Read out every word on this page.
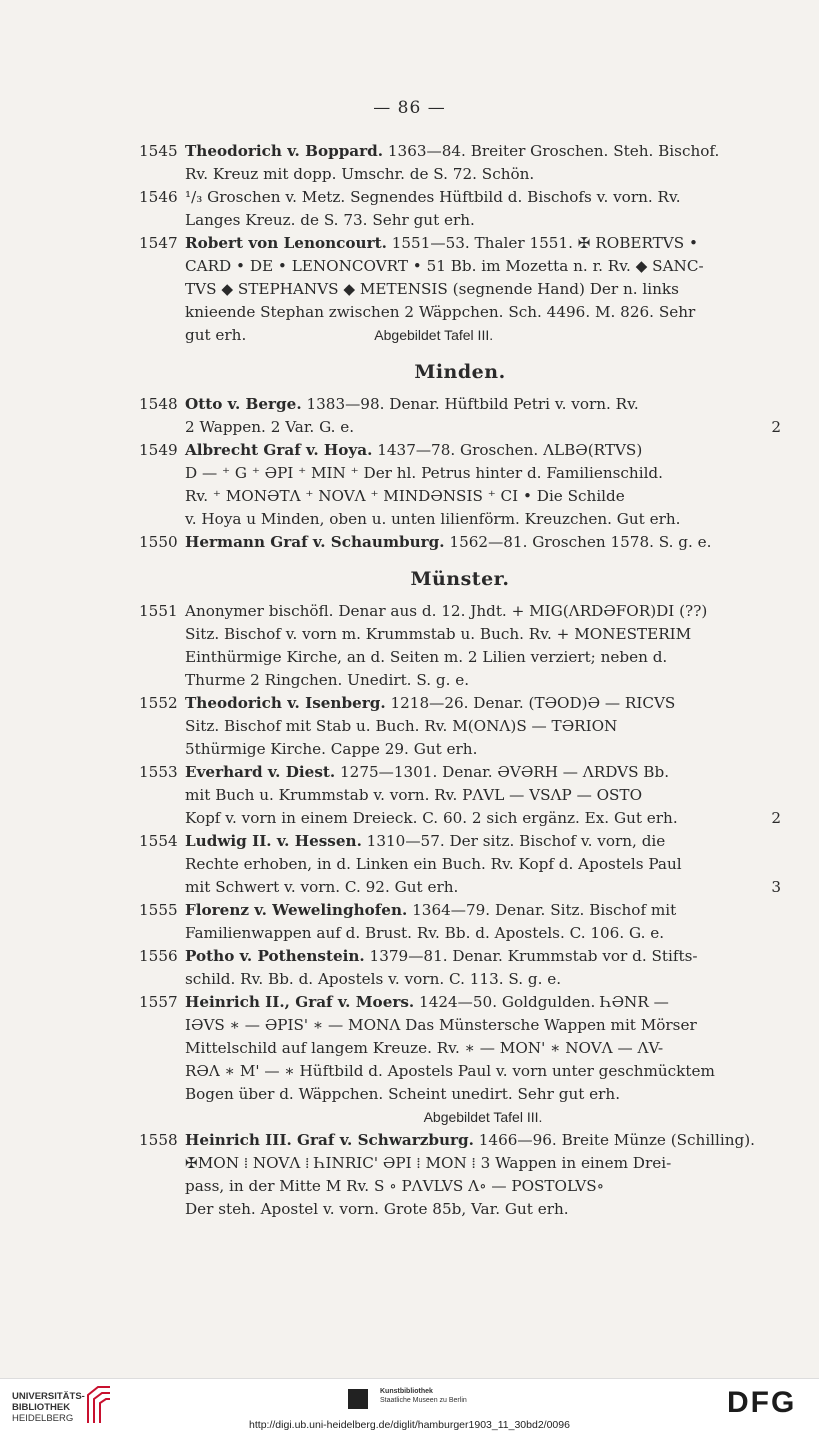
— 86 —
1545 Theodorich v. Boppard. 1363—84. Breiter Groschen. Steh. Bischof.
Rv. Kreuz mit dopp. Umschr. de S. 72. Schön.
1546 ¹/₃ Groschen v. Metz. Segnendes Hüftbild d. Bischofs v. vorn. Rv.
Langes Kreuz. de S. 73. Sehr gut erh.
1547 Robert von Lenoncourt. 1551—53. Thaler 1551. ✠ ROBERTVS •
CARD • DE • LENONCOVRT • 51 Bb. im Mozetta n. r. Rv. ◆ SANC-
TVS ◆ STEPHANVS ◆ METENSIS (segnende Hand) Der n. links
knieende Stephan zwischen 2 Wäppchen. Sch. 4496. M. 826. Sehr
gut erh.	Abgebildet Tafel III.
Minden.
1548 Otto v. Berge. 1383—98. Denar. Hüftbild Petri v. vorn. Rv.
2 Wappen. 2 Var. G. e.	2
1549 Albrecht Graf v. Hoya. 1437—78. Groschen. ΛLBƏ(RTVS)
D — ⁺ G ⁺ ƏPI ⁺ MIN ⁺ Der hl. Petrus hinter d. Familienschild.
Rv. ⁺ MONƏTΛ ⁺ NOVΛ ⁺ MINDƏNSIS ⁺ CI • Die Schilde
v. Hoya u Minden, oben u. unten lilienförm. Kreuzchen. Gut erh.
1550 Hermann Graf v. Schaumburg. 1562—81. Groschen 1578. S. g. e.
Münster.
1551 Anonymer bischöfl. Denar aus d. 12. Jhdt. + MIG(ΛRDƏFOR)DI (??)
Sitz. Bischof v. vorn m. Krummstab u. Buch. Rv. + MONESTERIM
Einthürmige Kirche, an d. Seiten m. 2 Lilien verziert; neben d.
Thurme 2 Ringchen. Unedirt. S. g. e.
1552 Theodorich v. Isenberg. 1218—26. Denar. (TƏOD)Ə — RICVS
Sitz. Bischof mit Stab u. Buch. Rv. M(ONΛ)S — TƏRION
5thürmige Kirche. Cappe 29. Gut erh.
1553 Everhard v. Diest. 1275—1301. Denar. ƏVƏRH — ΛRDVS Bb.
mit Buch u. Krummstab v. vorn. Rv. PΛVL — VSΛP — OSTO
Kopf v. vorn in einem Dreieck. C. 60. 2 sich ergänz. Ex. Gut erh.	2
1554 Ludwig II. v. Hessen. 1310—57. Der sitz. Bischof v. vorn, die
Rechte erhoben, in d. Linken ein Buch. Rv. Kopf d. Apostels Paul
mit Schwert v. vorn. C. 92. Gut erh.	3
1555 Florenz v. Wewelinghofen. 1364—79. Denar. Sitz. Bischof mit
Familienwappen auf d. Brust. Rv. Bb. d. Apostels. C. 106. G. e.
1556 Potho v. Pothenstein. 1379—81. Denar. Krummstab vor d. Stifts-
schild. Rv. Bb. d. Apostels v. vorn. C. 113. S. g. e.
1557 Heinrich II., Graf v. Moers. 1424—50. Goldgulden. ҺƏNR —
IƏVS ∗ — ƏPIS' ∗ — MONΛ Das Münstersche Wappen mit Mörser
Mittelschild auf langem Kreuze. Rv. ∗ — MON' ∗ NOVΛ — ΛV-
RƏΛ ∗ M' — ∗ Hüftbild d. Apostels Paul v. vorn unter geschmücktem
Bogen über d. Wäppchen. Scheint unedirt. Sehr gut erh.
Abgebildet Tafel III.
1558 Heinrich III. Graf v. Schwarzburg. 1466—96. Breite Münze (Schilling).
✠MON ⁞ NOVΛ ⁞ ҺINRIC' ƏPI ⁞ MON ⁞ 3 Wappen in einem Drei-
pass, in der Mitte M Rv. S ∘ PΛVLVS Λ∘ — POSTOLVS∘
Der steh. Apostel v. vorn. Grote 85b, Var. Gut erh.
UNIVERSITÄTS-
BIBLIOTHEK
HEIDELBERG
Kunstbibliothek
Staatliche Museen zu Berlin	DFG
http://digi.ub.uni-heidelberg.de/diglit/hamburger1903_11_30bd2/0096
